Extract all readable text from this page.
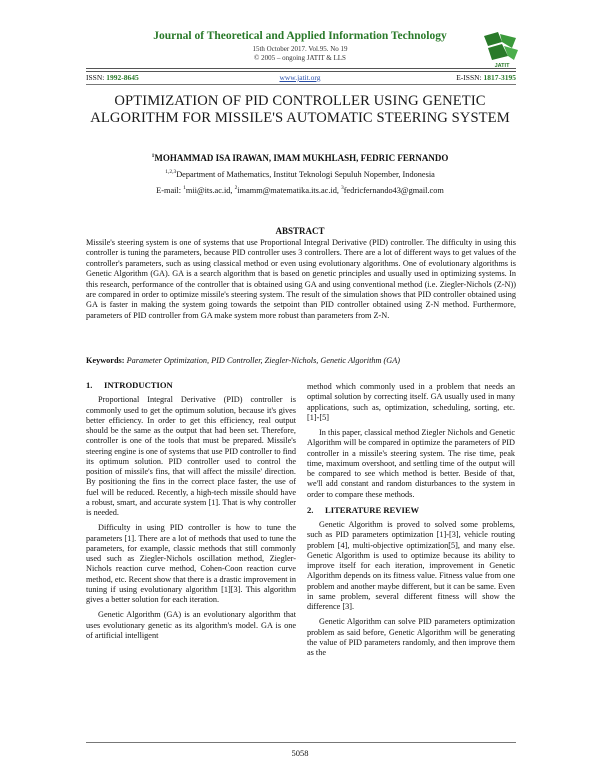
Journal of Theoretical and Applied Information Technology
15th October 2017. Vol.95. No 19
© 2005 – ongoing JATIT & LLS
JATIT
ISSN: 1992-8645	www.jatit.org	E-ISSN: 1817-3195
OPTIMIZATION OF PID CONTROLLER USING GENETIC ALGORITHM FOR MISSILE'S AUTOMATIC STEERING SYSTEM
$^1$MOHAMMAD ISA IRAWAN, IMAM MUKHLASH, FEDRIC FERNANDO
$^{1,2,3}$Department of Mathematics, Institut Teknologi Sepuluh Nopember, Indonesia
E-mail: $^1$mii@its.ac.id, $^2$imamm@matematika.its.ac.id, $^3$fedricfernando43@gmail.com
ABSTRACT
Missile's steering system is one of systems that use Proportional Integral Derivative (PID) controller. The difficulty in using this controller is tuning the parameters, because PID controller uses 3 controllers. There are a lot of different ways to get values of the controller's parameters, such as using classical method or even using evolutionary algorithms. One of evolutionary algorithms is Genetic Algorithm (GA). GA is a search algorithm that is based on genetic principles and usually used in optimizing systems. In this research, performance of the controller that is obtained using GA and using conventional method (i.e. Ziegler-Nichols (Z-N)) are compared in order to optimize missile's steering system. The result of the simulation shows that PID controller obtained using GA is faster in making the system going towards the setpoint than PID controller obtained using Z-N method. Furthermore, parameters of PID controller from GA make system more robust than parameters from Z-N.
Keywords: Parameter Optimization, PID Controller, Ziegler-Nichols, Genetic Algorithm (GA)

1. INTRODUCTION

Proportional Integral Derivative (PID) controller is commonly used to get the optimum solution, because it's gives better efficiency. In order to get this efficiency, real output should be the same as the output that had been set. Therefore, controller is one of the tools that must be prepared. Missile's steering engine is one of systems that use PID controller to find its optimum solution. PID controller used to control the position of missile's fins, that will affect the missile' direction. By positioning the fins in the correct place faster, the use of fuel will be reduced. Recently, a high-tech missile should have a robust, smart, and accurate system [1]. That is why controller is needed.

Difficulty in using PID controller is how to tune the parameters [1]. There are a lot of methods that used to tune the parameters, for example, classic methods that still commonly used such as Ziegler-Nichols oscillation method, Ziegler-Nichols reaction curve method, Cohen-Coon reaction curve method, etc. Recent show that there is a drastic improvement in tuning if using evolutionary algorithm [1][3]. This algorithm gives a better solution for each iteration.

Genetic Algorithm (GA) is an evolutionary algorithm that uses evolutionary genetic as its algorithm's model. GA is one of artificial intelligent

method which commonly used in a problem that needs an optimal solution by correcting itself. GA usually used in many applications, such as, optimization, scheduling, sorting, etc. [1]-[5]

In this paper, classical method Ziegler Nichols and Genetic Algorithm will be compared in optimize the parameters of PID controller in a missile's steering system. The rise time, peak time, maximum overshoot, and settling time of the output will be compared to see which method is better. Beside of that, we'll add constant and random disturbances to the system in order to compare these methods.

2. LITERATURE REVIEW

Genetic Algorithm is proved to solved some problems, such as PID parameters optimization [1]-[3], vehicle routing problem [4], multi-objective optimization[5], and many else. Genetic Algorithm is used to optimize because its ability to improve itself for each iteration, improvement in Genetic Algorithm depends on its fitness value. Fitness value from one problem and another maybe different, but it can be same. Even in same problem, several different fitness will show the difference [3].

Genetic Algorithm can solve PID parameters optimization problem as said before, Genetic Algorithm will be generating the value of PID parameters randomly, and then improve them as the

5058
